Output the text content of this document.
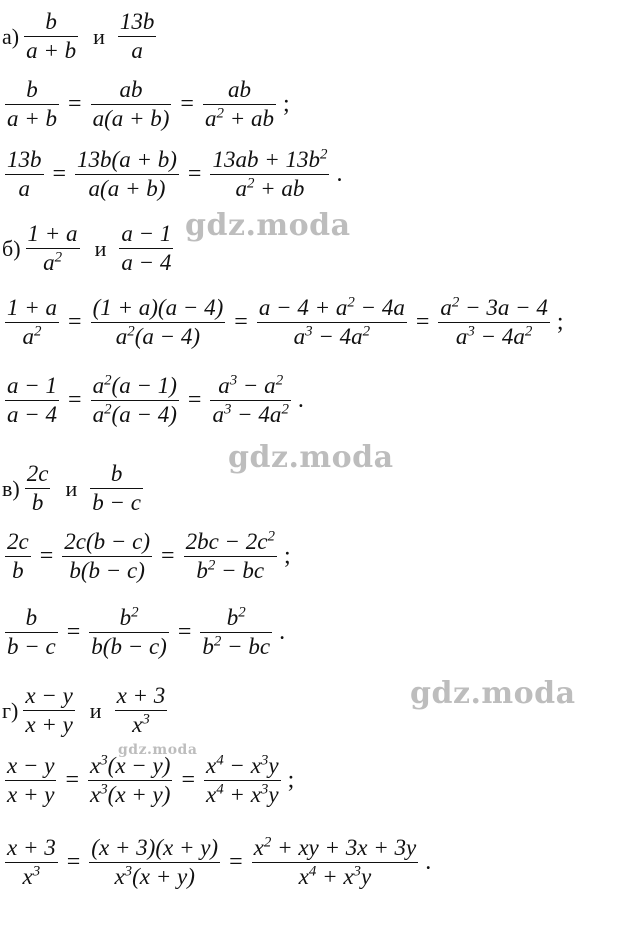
gdz.moda
gdz.moda
gdz.moda
gdz.moda
а)
b
a + b
и
13b
a
b
a + b
=
ab
a(a + b)
=
ab
$a^2$ + ab
;
13b
a
=
13b(a + b)
a(a + b)
=
$13ab + 13b^2$
$a^2$ + ab
.
б)
1 + a
$a^2$ и
a − 1
a − 4
1 + a
$a^2$ =
(1 + a)(a − 4)
$a^2(a - 4)$
=
$a - 4 + a^2 - 4a$
$a^3 - 4a^2$ =
$a^2 - 3a - 4$
$a^3 - 4a^2$ ;
a − 1
a − 4
=
$a^2(a - 1)$
$a^2(a - 4)$
=
$a^3 - a^2$
$a^3 - 4a^2$ .
в)
2c
b
и
b
b − c
2c
b
=
2c(b − c)
b(b − c)
=
$2bc - 2c^2$
$b^2$ − bc
;
b
b − c
=
$b^2$
b(b − c)
=
$b^2$
$b^2$ − bc
.
г)
x − y
x + y
и
x + 3
$x^3$
x − y
x + y
=
$x^3(x - y)$
$x^3(x + y)$
=
$x^4 - x^3y$
$x^4 + x^3y$
;
x + 3
$x^3$ =
(x + 3)(x + y)
$x^3(x + y)$
=
$x^2$ + xy + 3x + 3y
$x^4 + x^3y$
.
